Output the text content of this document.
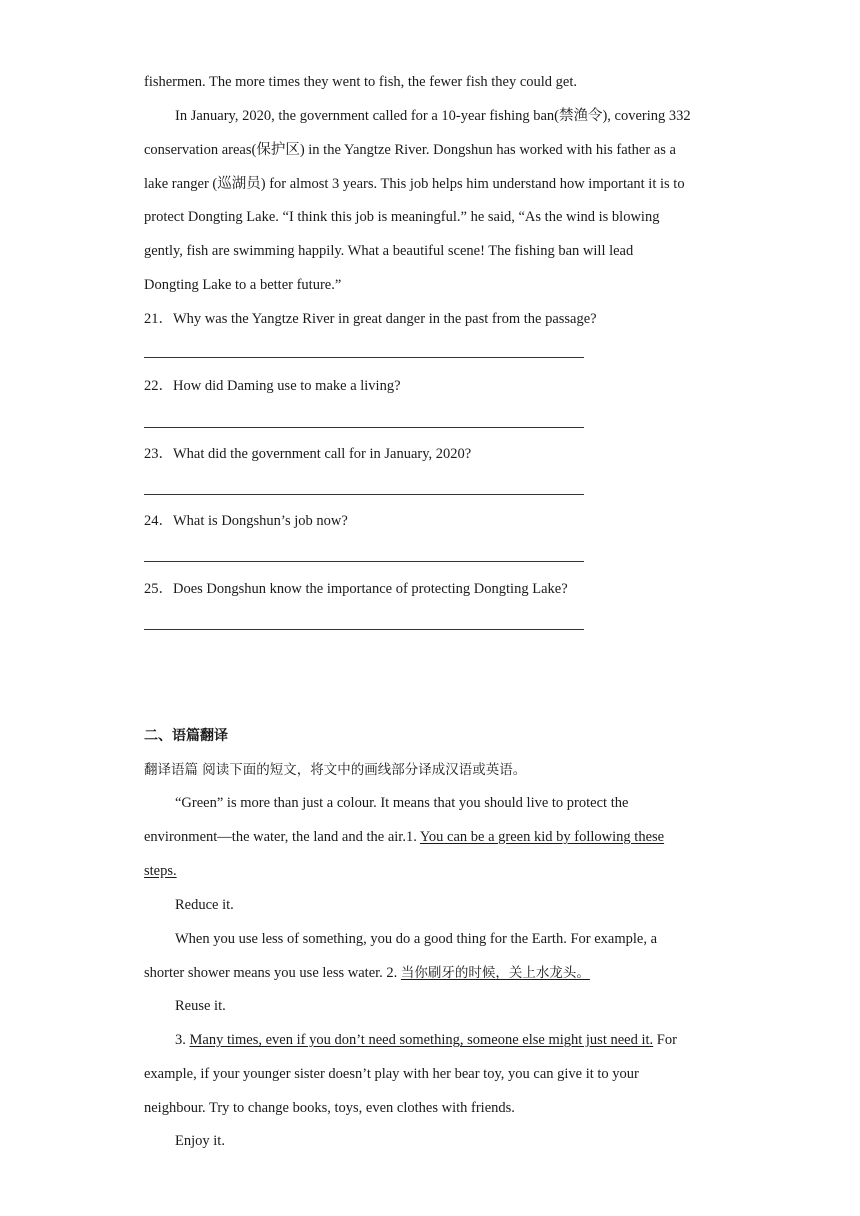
fishermen. The more times they went to fish, the fewer fish they could get.
In January, 2020, the government called for a 10-year fishing ban(禁渔令), covering 332
conservation areas(保护区) in the Yangtze River. Dongshun has worked with his father as a
lake ranger (巡湖员) for almost 3 years. This job helps him understand how important it is to
protect Dongting Lake. “I think this job is meaningful.” he said, “As the wind is blowing
gently, fish are swimming happily. What a beautiful scene! The fishing ban will lead
Dongting Lake to a better future.”
21．Why was the Yangtze River in great danger in the past from the passage?
22．How did Daming use to make a living?
23．What did the government call for in January, 2020?
24．What is Dongshun’s job now?
25．Does Dongshun know the importance of protecting Dongting Lake?
二、语篇翻译
翻译语篇 阅读下面的短文，将文中的画线部分译成汉语或英语。
“Green” is more than just a colour. It means that you should live to protect the
environment—the water, the land and the air.1. You can be a green kid by following these
steps.
Reduce it.
When you use less of something, you do a good thing for the Earth. For example, a
shorter shower means you use less water. 2. 当你刷牙的时候，关上水龙头。
Reuse it.
3. Many times, even if you don’t need something, someone else might just need it. For
example, if your younger sister doesn’t play with her bear toy, you can give it to your
neighbour. Try to change books, toys, even clothes with friends.
Enjoy it.
